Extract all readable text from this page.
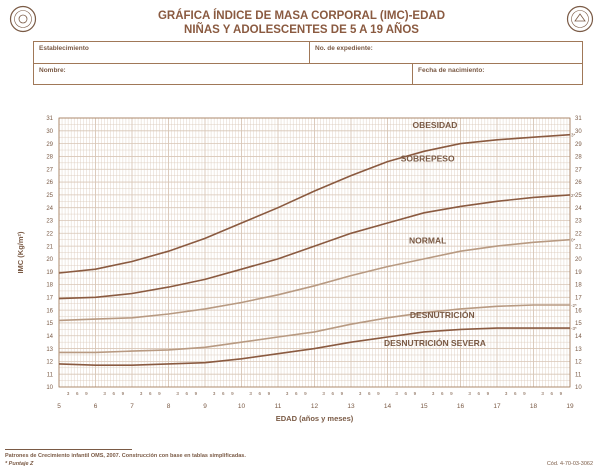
GRÁFICA ÍNDICE DE MASA CORPORAL (IMC)-EDAD
NIÑAS Y ADOLESCENTES DE 5 A 19 AÑOS
Establecimiento	No. de expediente:
Nombre:	Fecha de nacimiento:
10	10
11	11
12	12
13	13
14	14
15	15
16	16
17	17
18	18
19	19
20	20
21	21
22	22
23	23
24	24
25	25
26	26
27	27
28	28
29	29
30	30
31	31
5	6	7	8	9	10	11	12	13	14	15	16	17	18	19
3 6 9	3 6 9	3 6 9	3 6 9	3 6 9	3 6 9	3 6 9	3 6 9	3 6 9	3 6 9	3 6 9	3 6 9	3 6 9	3 6 9
EDAD (años y meses)
IMC (Kg/m²)
3*
2*
0*
-2*
-3*
OBESIDAD
SOBREPESO
NORMAL
DESNUTRICIÓN
DESNUTRICIÓN SEVERA
Patrones de Crecimiento infantil OMS, 2007. Construcción con base en tablas simplificadas.
* Puntaje Z	Cód. 4-70-03-3062
